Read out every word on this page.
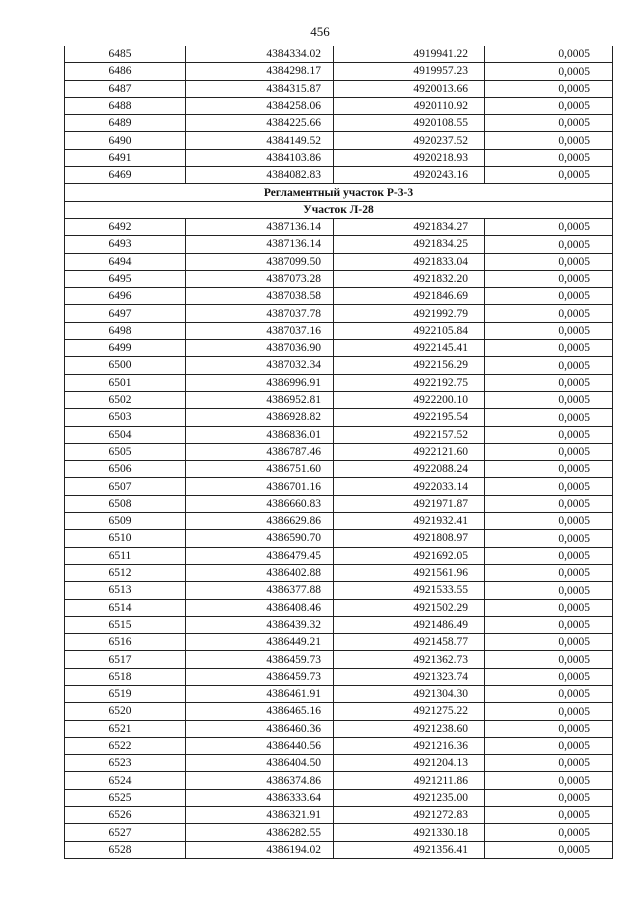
456
6485	4384334.02	4919941.22	0,0005
6486	4384298.17	4919957.23	0,0005
6487	4384315.87	4920013.66	0,0005
6488	4384258.06	4920110.92	0,0005
6489	4384225.66	4920108.55	0,0005
6490	4384149.52	4920237.52	0,0005
6491	4384103.86	4920218.93	0,0005
6469	4384082.83	4920243.16	0,0005
Регламентный участок Р-3-3			
Участок Л-28			
6492	4387136.14	4921834.27	0,0005
6493	4387136.14	4921834.25	0,0005
6494	4387099.50	4921833.04	0,0005
6495	4387073.28	4921832.20	0,0005
6496	4387038.58	4921846.69	0,0005
6497	4387037.78	4921992.79	0,0005
6498	4387037.16	4922105.84	0,0005
6499	4387036.90	4922145.41	0,0005
6500	4387032.34	4922156.29	0,0005
6501	4386996.91	4922192.75	0,0005
6502	4386952.81	4922200.10	0,0005
6503	4386928.82	4922195.54	0,0005
6504	4386836.01	4922157.52	0,0005
6505	4386787.46	4922121.60	0,0005
6506	4386751.60	4922088.24	0,0005
6507	4386701.16	4922033.14	0,0005
6508	4386660.83	4921971.87	0,0005
6509	4386629.86	4921932.41	0,0005
6510	4386590.70	4921808.97	0,0005
6511	4386479.45	4921692.05	0,0005
6512	4386402.88	4921561.96	0,0005
6513	4386377.88	4921533.55	0,0005
6514	4386408.46	4921502.29	0,0005
6515	4386439.32	4921486.49	0,0005
6516	4386449.21	4921458.77	0,0005
6517	4386459.73	4921362.73	0,0005
6518	4386459.73	4921323.74	0,0005
6519	4386461.91	4921304.30	0,0005
6520	4386465.16	4921275.22	0,0005
6521	4386460.36	4921238.60	0,0005
6522	4386440.56	4921216.36	0,0005
6523	4386404.50	4921204.13	0,0005
6524	4386374.86	4921211.86	0,0005
6525	4386333.64	4921235.00	0,0005
6526	4386321.91	4921272.83	0,0005
6527	4386282.55	4921330.18	0,0005
6528	4386194.02	4921356.41	0,0005
